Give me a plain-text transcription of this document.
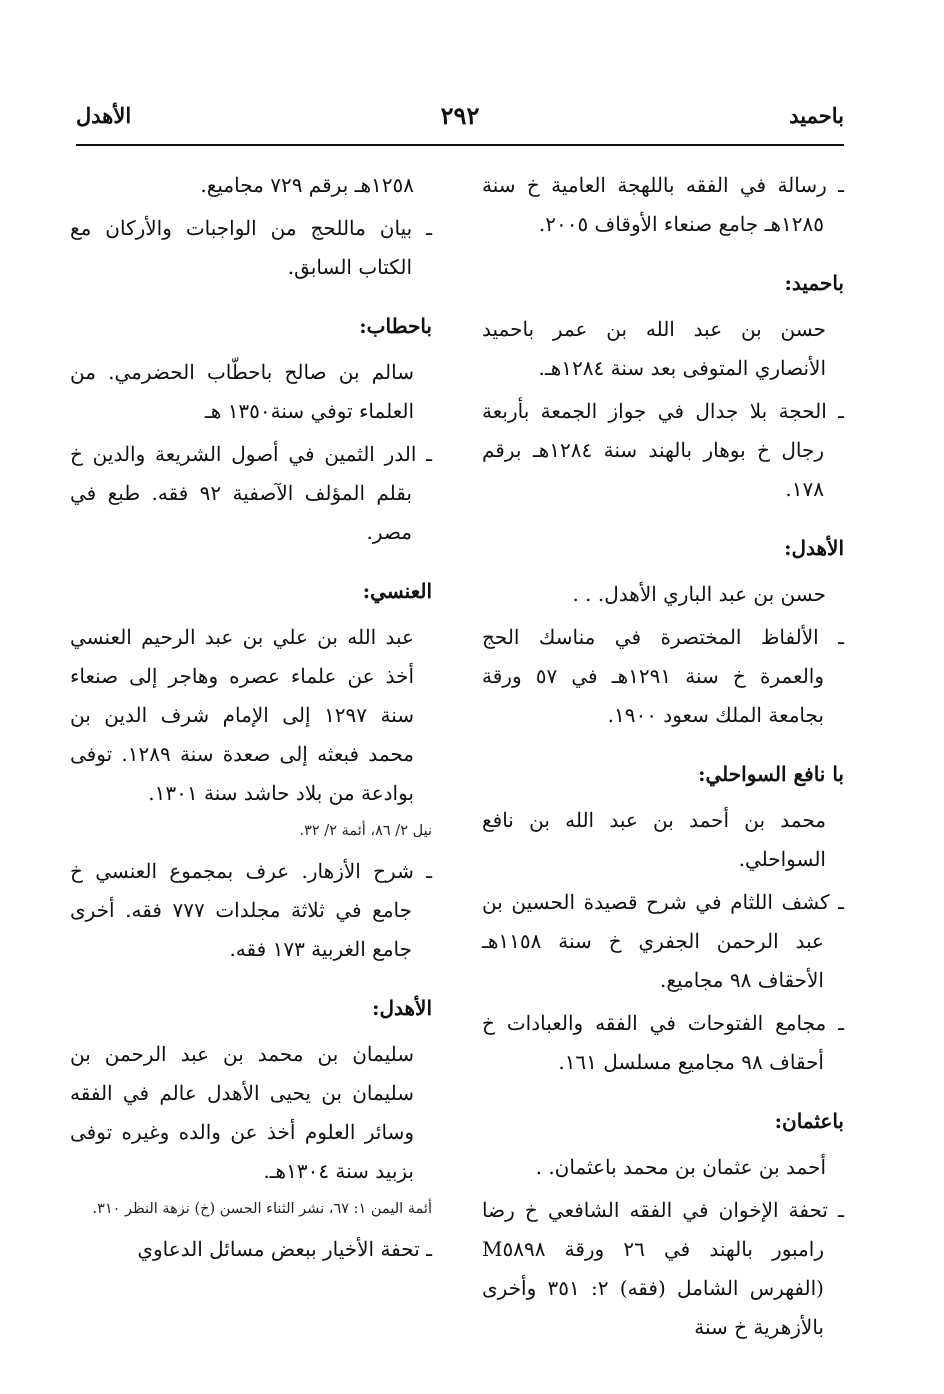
باحميد
٢٩٢
الأهدل

ـ رسالة في الفقه باللهجة العامية خ سنة ١٢٨٥هـ جامع صنعاء الأوقاف ٢٠٠٥.

باحميد:

حسن بن عبد الله بن عمر باحميد الأنصاري المتوفى بعد سنة ١٢٨٤هـ.

ـ الحجة بلا جدال في جواز الجمعة بأربعة رجال خ بوهار بالهند سنة ١٢٨٤هـ برقم ١٧٨.

الأهدل:

حسن بن عبد الباري الأهدل. . .

ـ الألفاظ المختصرة في مناسك الحج والعمرة خ سنة ١٢٩١هـ في ٥٧ ورقة بجامعة الملك سعود ١٩٠٠.

با نافع السواحلي:

محمد بن أحمد بن عبد الله بن نافع السواحلي.

ـ كشف اللثام في شرح قصيدة الحسين بن عبد الرحمن الجفري خ سنة ١١٥٨هـ الأحقاف ٩٨ مجاميع.

ـ مجامع الفتوحات في الفقه والعبادات خ أحقاف ٩٨ مجاميع مسلسل ١٦١.

باعثمان:

أحمد بن عثمان بن محمد باعثمان. .

ـ تحفة الإخوان في الفقه الشافعي خ رضا رامبور بالهند في ٢٦ ورقة M٥٨٩٨ (الفهرس الشامل (فقه) ٢: ٣٥١ وأخرى بالأزهرية خ سنة

١٢٥٨هـ برقم ٧٢٩ مجاميع.

ـ بيان ماللحج من الواجبات والأركان مع الكتاب السابق.

باحطاب:

سالم بن صالح باحطّاب الحضرمي. من العلماء توفي سنة١٣٥٠ هـ

ـ الدر الثمين في أصول الشريعة والدين خ بقلم المؤلف الآصفية ٩٢ فقه. طبع في مصر.

العنسي:

عبد الله بن علي بن عبد الرحيم العنسي أخذ عن علماء عصره وهاجر إلى صنعاء سنة ١٢٩٧ إلى الإمام شرف الدين بن محمد فبعثه إلى صعدة سنة ١٢٨٩. توفى بوادعة من بلاد حاشد سنة ١٣٠١.

نيل ٢/ ٨٦، أئمة ٢/ ٣٢.

ـ شرح الأزهار. عرف بمجموع العنسي خ جامع في ثلاثة مجلدات ٧٧٧ فقه. أخرى جامع الغربية ١٧٣ فقه.

الأهدل:

سليمان بن محمد بن عبد الرحمن بن سليمان بن يحيى الأهدل عالم في الفقه وسائر العلوم أخذ عن والده وغيره توفى بزبيد سنة ١٣٠٤هـ.

أئمة اليمن ١: ٦٧، نشر الثناء الحسن (خ) نزهة النظر ٣١٠.

ـ تحفة الأخيار ببعض مسائل الدعاوي
